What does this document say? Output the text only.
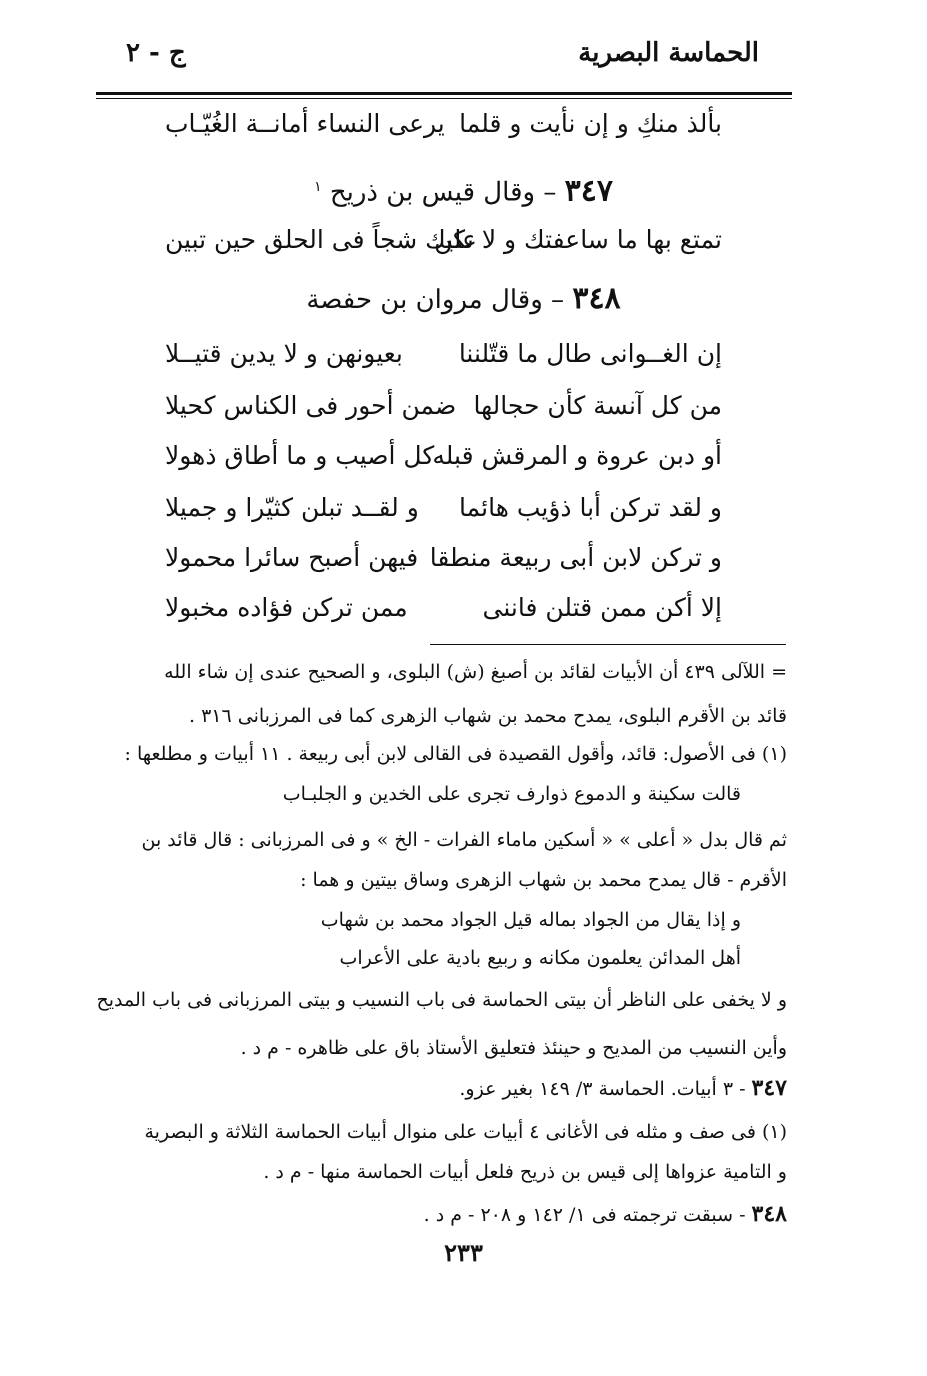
الحماسة البصرية
ج - ٢
بألذ منكِ و إن نأيت و قلما
يرعى النساء أمانــة الغُيّـاب
٣٤٧ – وقال قيس بن ذريح $^١$
تمتع بها ما ساعفتك و لا تكن
عليك شجاً فى الحلق حين تبين
٣٤٨ – وقال مروان بن حفصة
إن الغــوانى طال ما قتّلننا
بعيونهن و لا يدين قتيــلا
من كل آنسة كأن حجالها
ضمن أحور فى الكناس كحيلا
أو دبن عروة و المرقش قبله
كل أصيب و ما أطاق ذهولا
و لقد تركن أبا ذؤيب هائما
و لقــد تبلن كثيّرا و جميلا
و تركن لابن أبى ربيعة منطقا
فيهن أصبح سائرا محمولا
إلا أكن ممن قتلن فاننى
ممن تركن فؤاده مخبولا
= اللآلى ٤٣٩ أن الأبيات لقائد بن أصبغ (ش) البلوى، و الصحيح عندى إن شاء الله
قائد بن الأقرم البلوى، يمدح محمد بن شهاب الزهرى كما فى المرزبانى ٣١٦ .
(١) فى الأصول: قائد، وأقول القصيدة فى القالى لابن أبى ربيعة . ١١ أبيات و مطلعها :
قالت سكينة و الدموع ذوارف تجرى على الخدين و الجلبـاب
ثم قال بدل « أعلى » « أسكين ماماء الفرات - الخ » و فى المرزبانى : قال قائد بن
الأقرم - قال يمدح محمد بن شهاب الزهرى وساق بيتين و هما :
و إذا يقال من الجواد بماله قيل الجواد محمد بن شهاب
أهل المدائن يعلمون مكانه و ربيع بادية على الأعراب
و لا يخفى على الناظر أن بيتى الحماسة فى باب النسيب و بيتى المرزبانى فى باب المديح
وأين النسيب من المديح و حينئذ فتعليق الأستاذ باق على ظاهره - م د .
٣٤٧ - ٣ أبيات. الحماسة ٣/ ١٤٩ بغير عزو.
(١) فى صف و مثله فى الأغانى ٤ أبيات على منوال أبيات الحماسة الثلاثة و البصرية
و التامية عزواها إلى قيس بن ذريح فلعل أبيات الحماسة منها - م د .
٣٤٨ - سبقت ترجمته فى ١/ ١٤٢ و ٢٠٨ - م د .
٢٣٣
